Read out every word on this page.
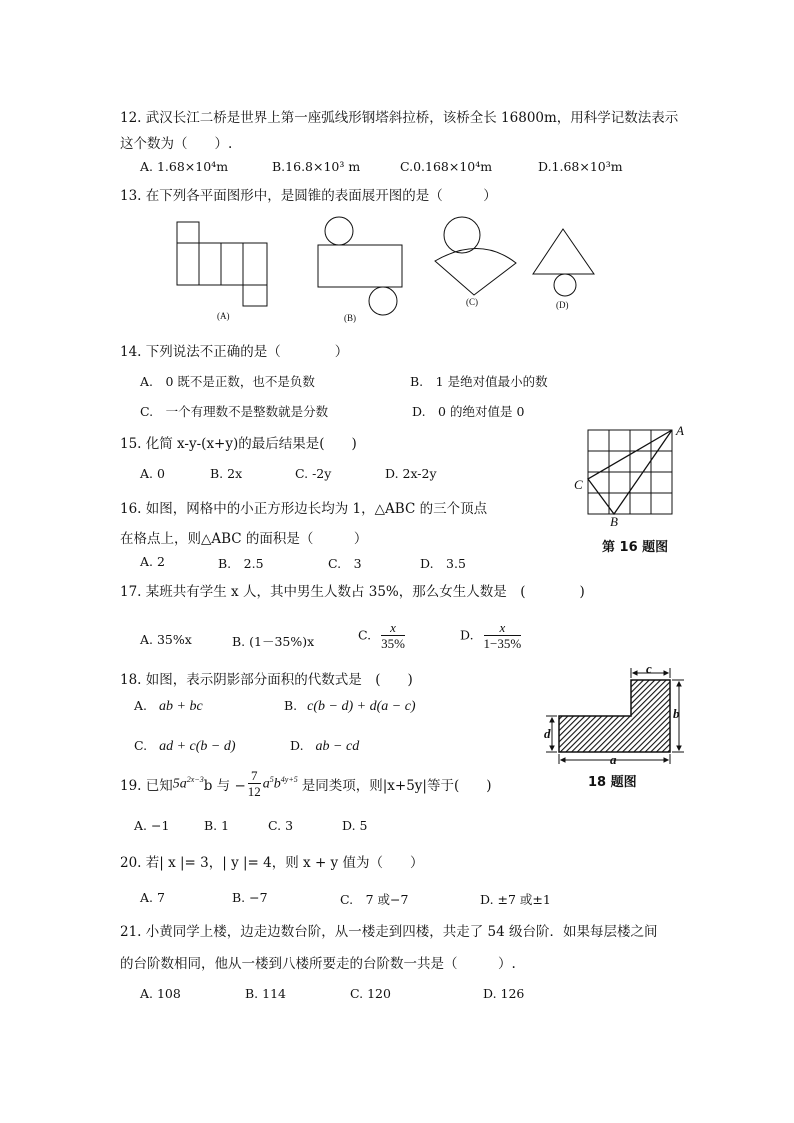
12. 武汉长江二桥是世界上第一座弧线形钢塔斜拉桥，该桥全长 16800m，用科学记数法表示
这个数为（　　）.
A. 1.68×10⁴m	B.16.8×10³ m	C.0.168×10⁴m	D.1.68×10³m
13. 在下列各平面图形中，是圆锥的表面展开图的是（　　　）
(A)	(B)
(C)	(D)
14. 下列说法不正确的是（　　　　）
A.　0 既不是正数，也不是负数	B.　1 是绝对值最小的数
C.　一个有理数不是整数就是分数	D.　0 的绝对值是 0
15. 化简 x-y-(x+y)的最后结果是(　　)
A. 0	B. 2x	C. -2y	D. 2x-2y
A
C
B
第 16 题图
16. 如图，网格中的小正方形边长均为 1，△ABC 的三个顶点
在格点上，则△ABC 的面积是（　　　）
A. 2	B.　2.5	C.　3	D.　3.5
17. 某班共有学生 x 人，其中男生人数占 35%，那么女生人数是　(　　　　)
A. 35%x	B. (1－35%)x	C. $\frac{x}{35\%}$	D. $\frac{x}{1-35\%}$
18. 如图，表示阴影部分面积的代数式是　(　　)
A. ab + bc	B. c(b − d) + d(a − c)
C. ad + c(b − d)	D. ab − cd
c
b
d
a
18 题图
19. 已知 $5a^{2x-3}$ b 与 − $\frac{7}{12} a^5b^{4y+5}$ 是同类项，则|x+5y|等于(　　)
A. −1	B. 1	C. 3	D. 5
20. 若| x |= 3，| y |= 4，则 x + y 值为（　　）
A. 7	B. −7	C.　7 或−7	D. ±7 或±1
21. 小黄同学上楼，边走边数台阶，从一楼走到四楼，共走了 54 级台阶．如果每层楼之间
的台阶数相同，他从一楼到八楼所要走的台阶数一共是（　　　）.
A. 108	B. 114	C. 120	D. 126
